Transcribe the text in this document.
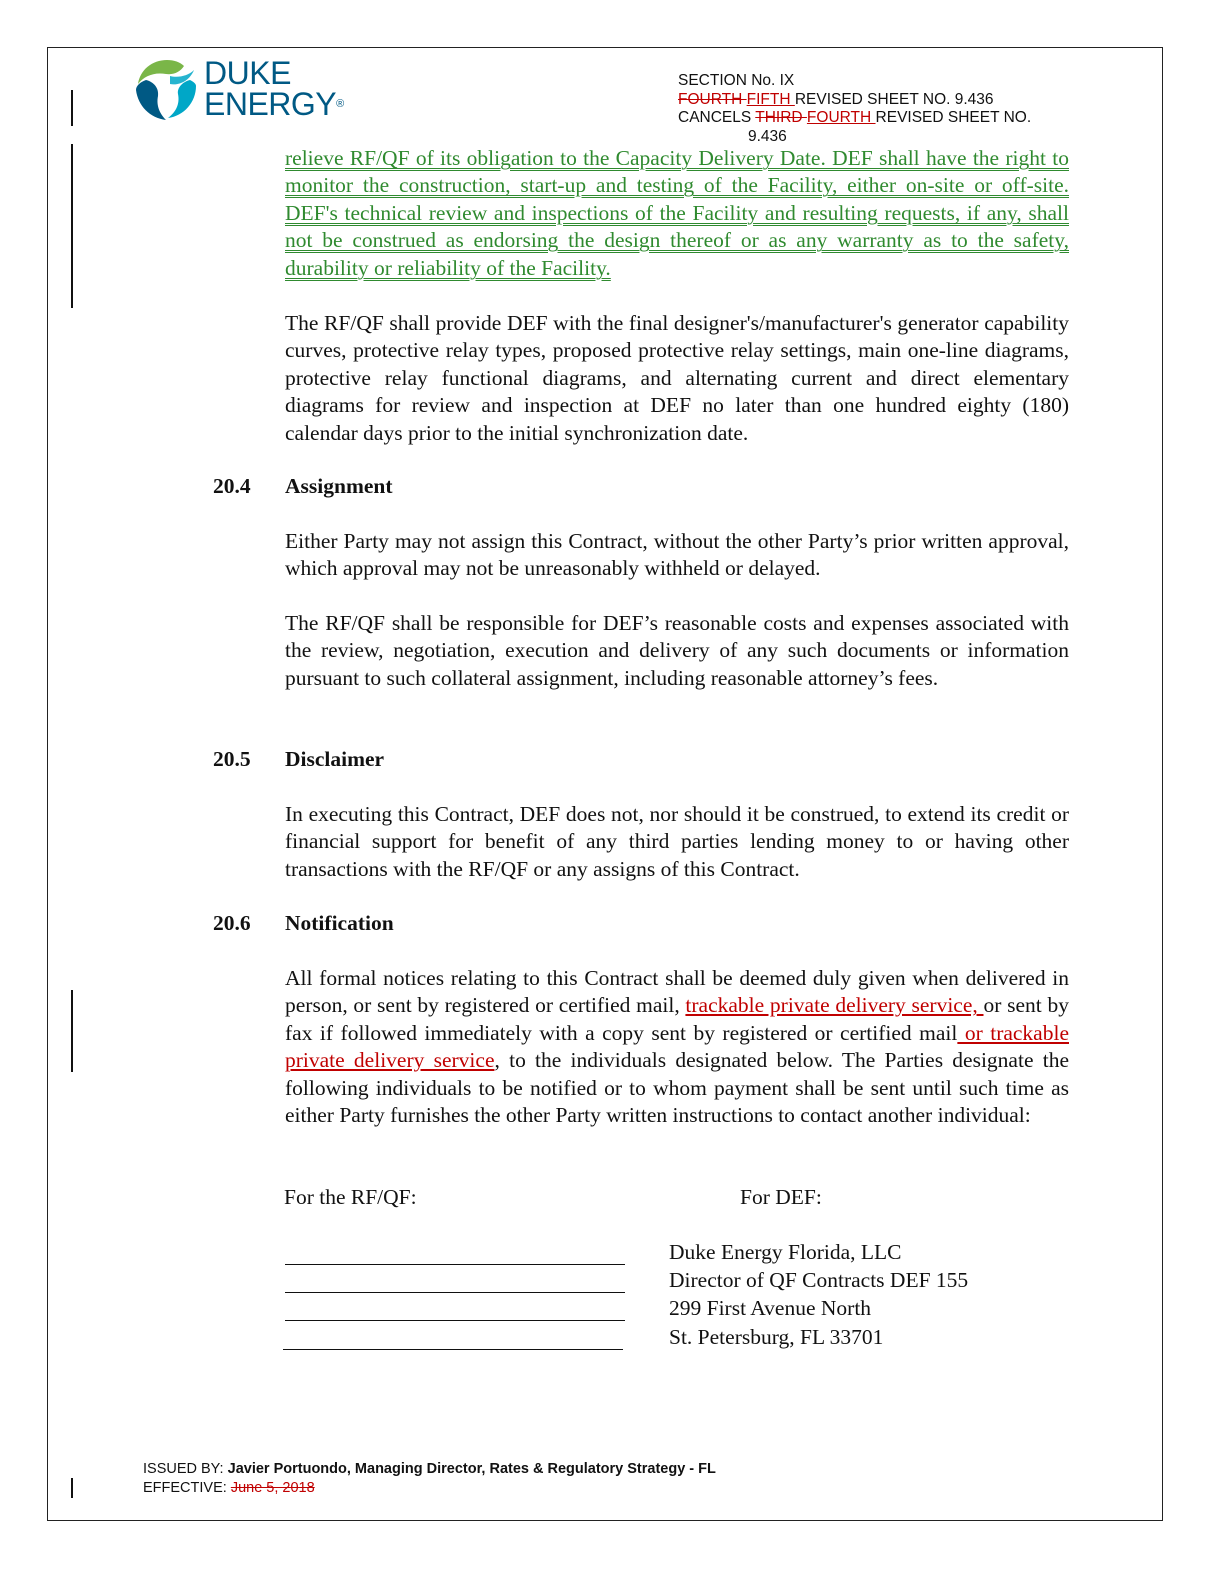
DUKE
ENERGY®
SECTION No. IX
FOURTH FIFTH REVISED SHEET NO. 9.436
CANCELS THIRD FOURTH REVISED SHEET NO.
9.436

relieve RF/QF of its obligation to the Capacity Delivery Date. DEF shall have the right to monitor the construction, start-up and testing of the Facility, either on-site or off-site. DEF's technical review and inspections of the Facility and resulting requests, if any, shall not be construed as endorsing the design thereof or as any warranty as to the safety, durability or reliability of the Facility.

The RF/QF shall provide DEF with the final designer's/manufacturer's generator capability curves, protective relay types, proposed protective relay settings, main one-line diagrams, protective relay functional diagrams, and alternating current and direct elementary diagrams for review and inspection at DEF no later than one hundred eighty (180) calendar days prior to the initial synchronization date.

20.4 Assignment

Either Party may not assign this Contract, without the other Party’s prior written approval, which approval may not be unreasonably withheld or delayed.

The RF/QF shall be responsible for DEF’s reasonable costs and expenses associated with the review, negotiation, execution and delivery of any such documents or information pursuant to such collateral assignment, including reasonable attorney’s fees.

20.5 Disclaimer

In executing this Contract, DEF does not, nor should it be construed, to extend its credit or financial support for benefit of any third parties lending money to or having other transactions with the RF/QF or any assigns of this Contract.

20.6 Notification

All formal notices relating to this Contract shall be deemed duly given when delivered in person, or sent by registered or certified mail, trackable private delivery service, or sent by fax if followed immediately with a copy sent by registered or certified mail or trackable private delivery service, to the individuals designated below. The Parties designate the following individuals to be notified or to whom payment shall be sent until such time as either Party furnishes the other Party written instructions to contact another individual:

For the RF/QF:	For DEF:
Duke Energy Florida, LLC
Director of QF Contracts DEF 155
299 First Avenue North
St. Petersburg, FL 33701
ISSUED BY: Javier Portuondo, Managing Director, Rates & Regulatory Strategy - FL
EFFECTIVE: June 5, 2018
